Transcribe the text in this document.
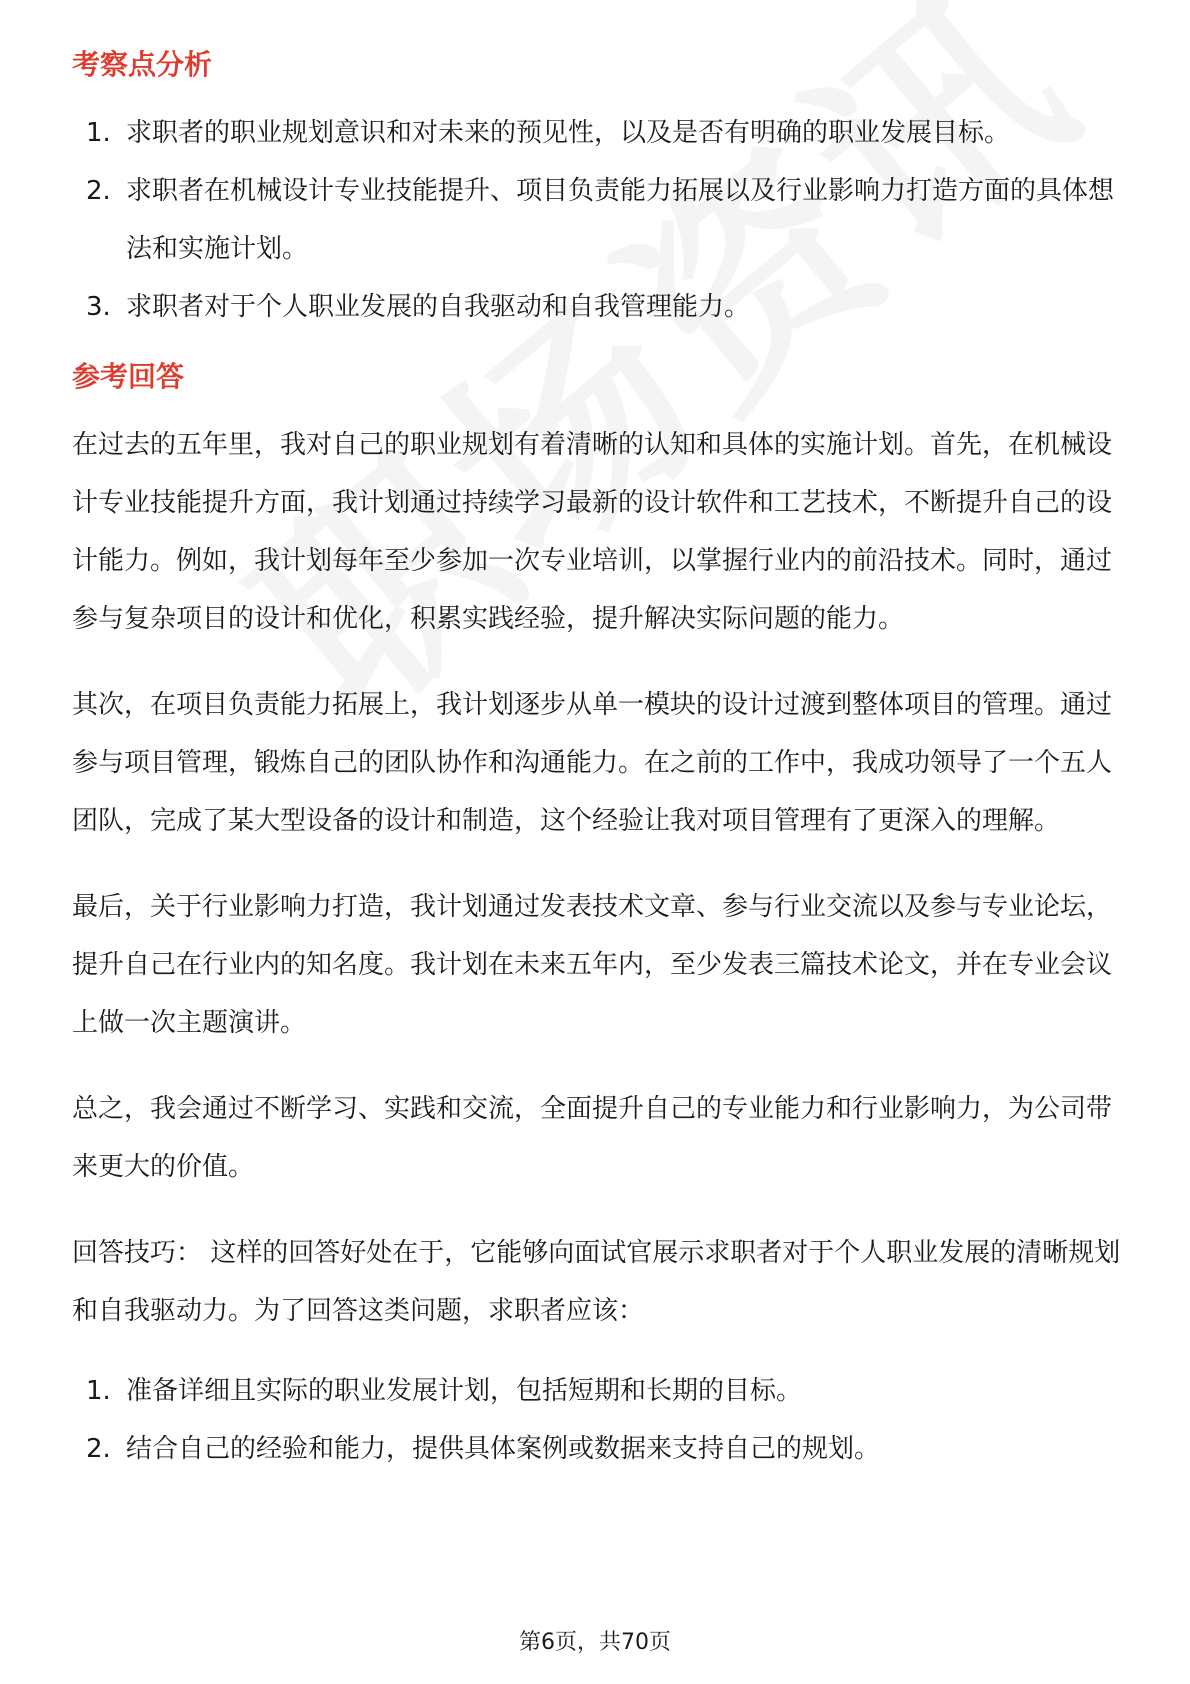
考察点分析
1. 求职者的职业规划意识和对未来的预见性，以及是否有明确的职业发展目标。
2. 求职者在机械设计专业技能提升、项目负责能力拓展以及行业影响力打造方面的具体想法和实施计划。
3. 求职者对于个人职业发展的自我驱动和自我管理能力。
参考回答

在过去的五年里，我对自己的职业规划有着清晰的认知和具体的实施计划。首先，在机械设计专业技能提升方面，我计划通过持续学习最新的设计软件和工艺技术，不断提升自己的设计能力。例如，我计划每年至少参加一次专业培训，以掌握行业内的前沿技术。同时，通过参与复杂项目的设计和优化，积累实践经验，提升解决实际问题的能力。

其次，在项目负责能力拓展上，我计划逐步从单一模块的设计过渡到整体项目的管理。通过参与项目管理，锻炼自己的团队协作和沟通能力。在之前的工作中，我成功领导了一个五人团队，完成了某大型设备的设计和制造，这个经验让我对项目管理有了更深入的理解。

最后，关于行业影响力打造，我计划通过发表技术文章、参与行业交流以及参与专业论坛，提升自己在行业内的知名度。我计划在未来五年内，至少发表三篇技术论文，并在专业会议上做一次主题演讲。

总之，我会通过不断学习、实践和交流，全面提升自己的专业能力和行业影响力，为公司带来更大的价值。

回答技巧： 这样的回答好处在于，它能够向面试官展示求职者对于个人职业发展的清晰规划和自我驱动力。为了回答这类问题，求职者应该：

1. 准备详细且实际的职业发展计划，包括短期和长期的目标。
2. 结合自己的经验和能力，提供具体案例或数据来支持自己的规划。
第6页，共70页
